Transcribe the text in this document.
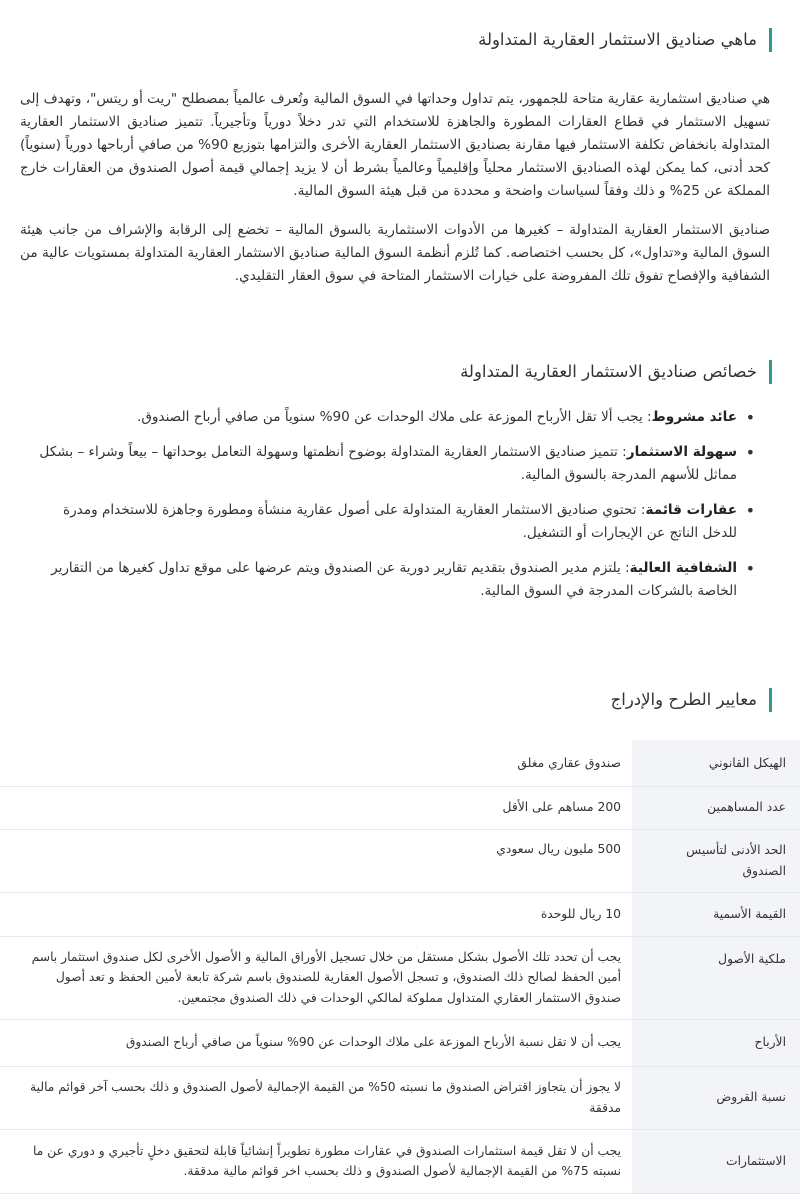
ماهي صناديق الاستثمار العقارية المتداولة

هي صناديق استثمارية عقارية متاحة للجمهور، يتم تداول وحداتها في السوق المالية وتُعرف عالمياً بمصطلح "ريت أو ريتس"، وتهدف إلى تسهيل الاستثمار في قطاع العقارات المطورة والجاهزة للاستخدام التي تدر دخلاً دورياً وتأجيرياً. تتميز صناديق الاستثمار العقارية المتداولة بانخفاض تكلفة الاستثمار فيها مقارنة بصناديق الاستثمار العقارية الأخرى والتزامها بتوزيع 90% من صافي أرباحها دورياً (سنوياً) كحد أدنى، كما يمكن لهذه الصناديق الاستثمار محلياً وإقليمياً وعالمياً بشرط أن لا يزيد إجمالي قيمة أصول الصندوق من العقارات خارج المملكة عن 25% و ذلك وفقاً لسياسات واضحة و محددة من قبل هيئة السوق المالية.

صناديق الاستثمار العقارية المتداولة – كغيرها من الأدوات الاستثمارية بالسوق المالية – تخضع إلى الرقابة والإشراف من جانب هيئة السوق المالية و«تداول»، كل بحسب اختصاصه. كما تُلزم أنظمة السوق المالية صناديق الاستثمار العقارية المتداولة بمستويات عالية من الشفافية والإفصاح تفوق تلك المفروضة على خيارات الاستثمار المتاحة في سوق العقار التقليدي.

خصائص صناديق الاستثمار العقارية المتداولة
•
عائد مشروط: يجب ألا تقل الأرباح الموزعة على ملاك الوحدات عن 90% سنوياً من صافي أرباح الصندوق.
•
سهولة الاستثمار: تتميز صناديق الاستثمار العقارية المتداولة بوضوح أنظمتها وسهولة التعامل بوحداتها – بيعاً وشراء – بشكل مماثل للأسهم المدرجة بالسوق المالية.
•
عقارات قائمة: تحتوي صناديق الاستثمار العقارية المتداولة على أصول عقارية منشأة ومطورة وجاهزة للاستخدام ومدرة للدخل الناتج عن الإيجارات أو التشغيل.
•
الشفافية العالية: يلتزم مدير الصندوق بتقديم تقارير دورية عن الصندوق ويتم عرضها على موقع تداول كغيرها من التقارير الخاصة بالشركات المدرجة في السوق المالية.
معايير الطرح والإدراج
الهيكل القانوني	صندوق عقاري مغلق
عدد المساهمين	200 مساهم على الأقل
الحد الأدنى لتأسيس الصندوق	500 مليون ريال سعودي
القيمة الأسمية	10 ريال للوحدة
ملكية الأصول	يجب أن تحدد تلك الأصول بشكل مستقل من خلال تسجيل الأوراق المالية و الأصول الأخرى لكل صندوق استثمار باسم أمين الحفظ لصالح ذلك الصندوق، و تسجل الأصول العقارية للصندوق باسم شركة تابعة لأمين الحفظ و تعد أصول صندوق الاستثمار العقاري المتداول مملوكة لمالكي الوحدات في ذلك الصندوق مجتمعين.
الأرباح	يجب أن لا تقل نسبة الأرباح الموزعة على ملاك الوحدات عن 90% سنوياً من صافي أرباح الصندوق
نسبة القروض	لا يجوز أن يتجاوز اقتراض الصندوق ما نسبته 50% من القيمة الإجمالية لأصول الصندوق و ذلك بحسب آخر قوائم مالية مدققة
الاستثمارات	يجب أن لا تقل قيمة استثمارات الصندوق في عقارات مطورة تطويراً إنشائياً قابلة لتحقيق دخلٍ تأجيري و دوري عن ما نسبته 75% من القيمة الإجمالية لأصول الصندوق و ذلك بحسب اخر قوائم مالية مدققة.
